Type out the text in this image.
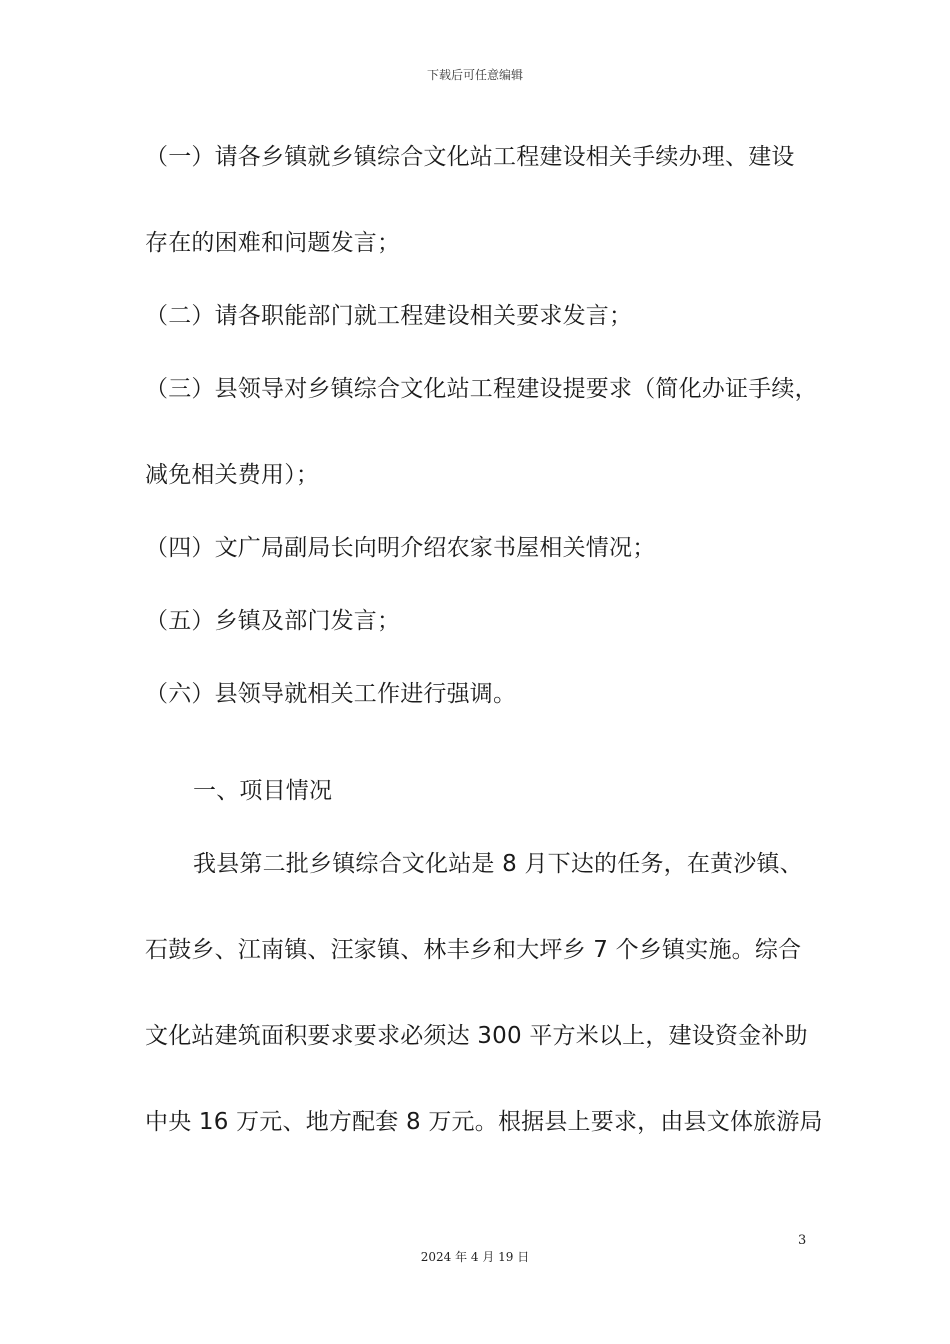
下载后可任意编辑
（一）请各乡镇就乡镇综合文化站工程建设相关手续办理、建设
存在的困难和问题发言；
（二）请各职能部门就工程建设相关要求发言；
（三）县领导对乡镇综合文化站工程建设提要求（简化办证手续，
减免相关费用）；
（四）文广局副局长向明介绍农家书屋相关情况；
（五）乡镇及部门发言；
（六）县领导就相关工作进行强调。
一、项目情况
我县第二批乡镇综合文化站是 8 月下达的任务，在黄沙镇、
石鼓乡、江南镇、汪家镇、林丰乡和大坪乡 7 个乡镇实施。综合
文化站建筑面积要求要求必须达 300 平方米以上，建设资金补助
中央 16 万元、地方配套 8 万元。根据县上要求，由县文体旅游局
3
2024 年 4 月 19 日
